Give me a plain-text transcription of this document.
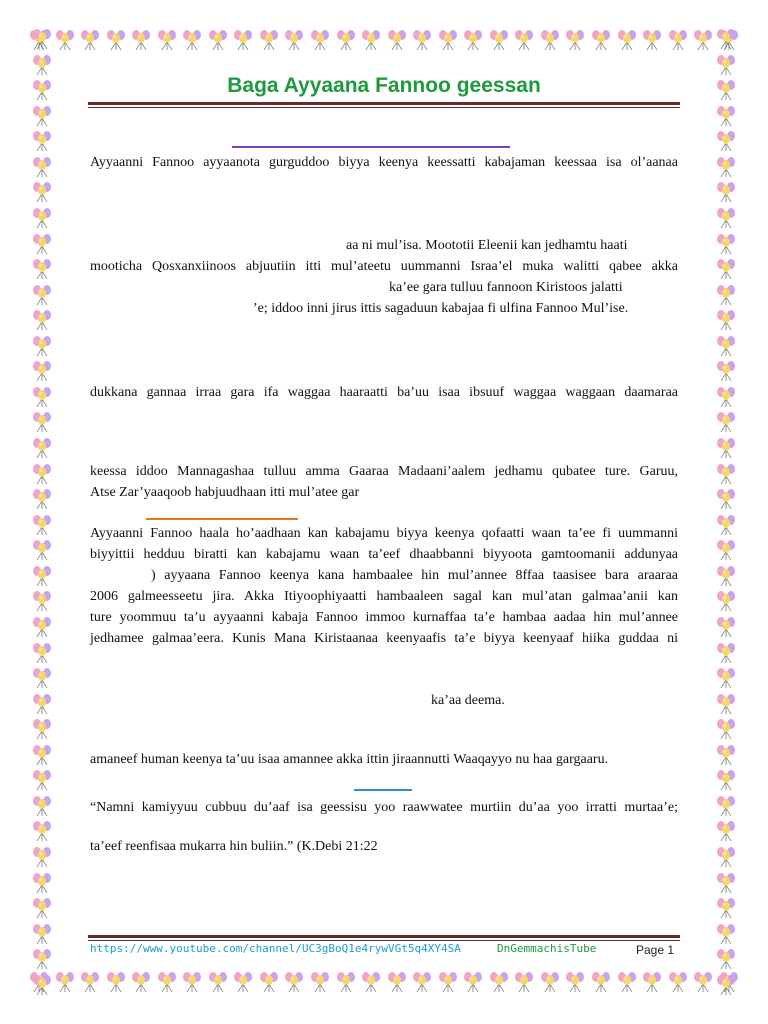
Baga Ayyaana Fannoo geessan

Ayyaanni Fannoo ayyaanota gurguddoo biyya keenya keessatti kabajaman keessaa isa ol’aanaa

aa ni mul’isa. Moototii Eleenii kan jedhamtu haati

mooticha Qosxanxiinoos abjuutiin itti mul’ateetu uummanni Israa’el muka walitti qabee akka

ka’ee gara tulluu fannoon Kiristoos jalatti

’e; iddoo inni jirus ittis sagaduun kabajaa fi ulfina Fannoo Mul’ise.

dukkana gannaa irraa gara ifa waggaa haaraatti ba’uu isaa ibsuuf waggaa waggaan daamaraa

keessa iddoo Mannagashaa tulluu amma Gaaraa Madaani’aalem jedhamu qubatee ture. Garuu,

Atse Zar’yaaqoob habjuudhaan itti mul’atee gar

Ayyaanni Fannoo haala ho’aadhaan kan kabajamu biyya keenya qofaatti waan ta’ee fi uummanni

biyyittii hedduu biratti kan kabajamu waan ta’eef dhaabbanni biyyoota gamtoomanii addunyaa

) ayyaana Fannoo keenya kana hambaalee hin mul’annee 8ffaa taasisee bara araaraa

2006 galmeesseetu jira. Akka Itiyoophiyaatti hambaaleen sagal kan mul’atan galmaa’anii kan

ture yoommuu ta’u ayyaanni kabaja Fannoo immoo kurnaffaa ta’e hambaa aadaa hin mul’annee

jedhamee galmaa’eera. Kunis Mana Kiristaanaa keenyaafis ta’e biyya keenyaaf hiika guddaa ni

ka’aa deema.

amaneef human keenya ta’uu isaa amannee akka ittin jiraannutti Waaqayyo nu haa gargaaru.

“Namni kamiyyuu cubbuu du’aaf isa geessisu yoo raawwatee murtiin du’aa yoo irratti murtaa’e;

ta’eef reenfisaa mukarra hin buliin.” (K.Debi 21:22

https://www.youtube.com/channel/UC3gBoQ1e4rywVGt5q4XY4SA	DnGemmachisTube	Page 1
